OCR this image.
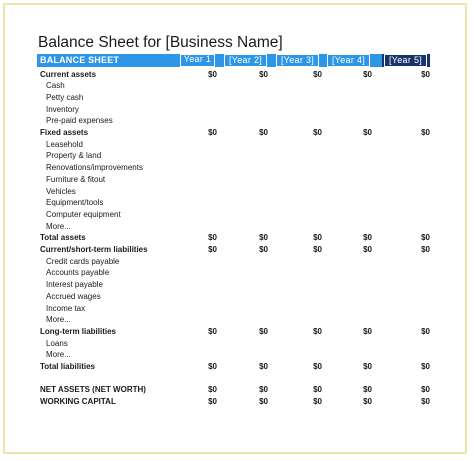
Balance Sheet for [Business Name]
BALANCE SHEET	Year 1	[Year 2]	[Year 3]	[Year 4]	[Year 5]
Current assets	$0	$0	$0	$0	$0
Cash
Petty cash
Inventory
Pre-paid expenses
Fixed assets	$0	$0	$0	$0	$0
Leasehold
Property & land
Renovations/improvements
Furniture & fitout
Vehicles
Equipment/tools
Computer equipment
More...
Total assets	$0	$0	$0	$0	$0
Current/short-term liabilities	$0	$0	$0	$0	$0
Credit cards payable
Accounts payable
Interest payable
Accrued wages
Income tax
More...
Long-term liabilities	$0	$0	$0	$0	$0
Loans
More...
Total liabilities	$0	$0	$0	$0	$0
NET ASSETS (NET WORTH)	$0	$0	$0	$0	$0
WORKING CAPITAL	$0	$0	$0	$0	$0
